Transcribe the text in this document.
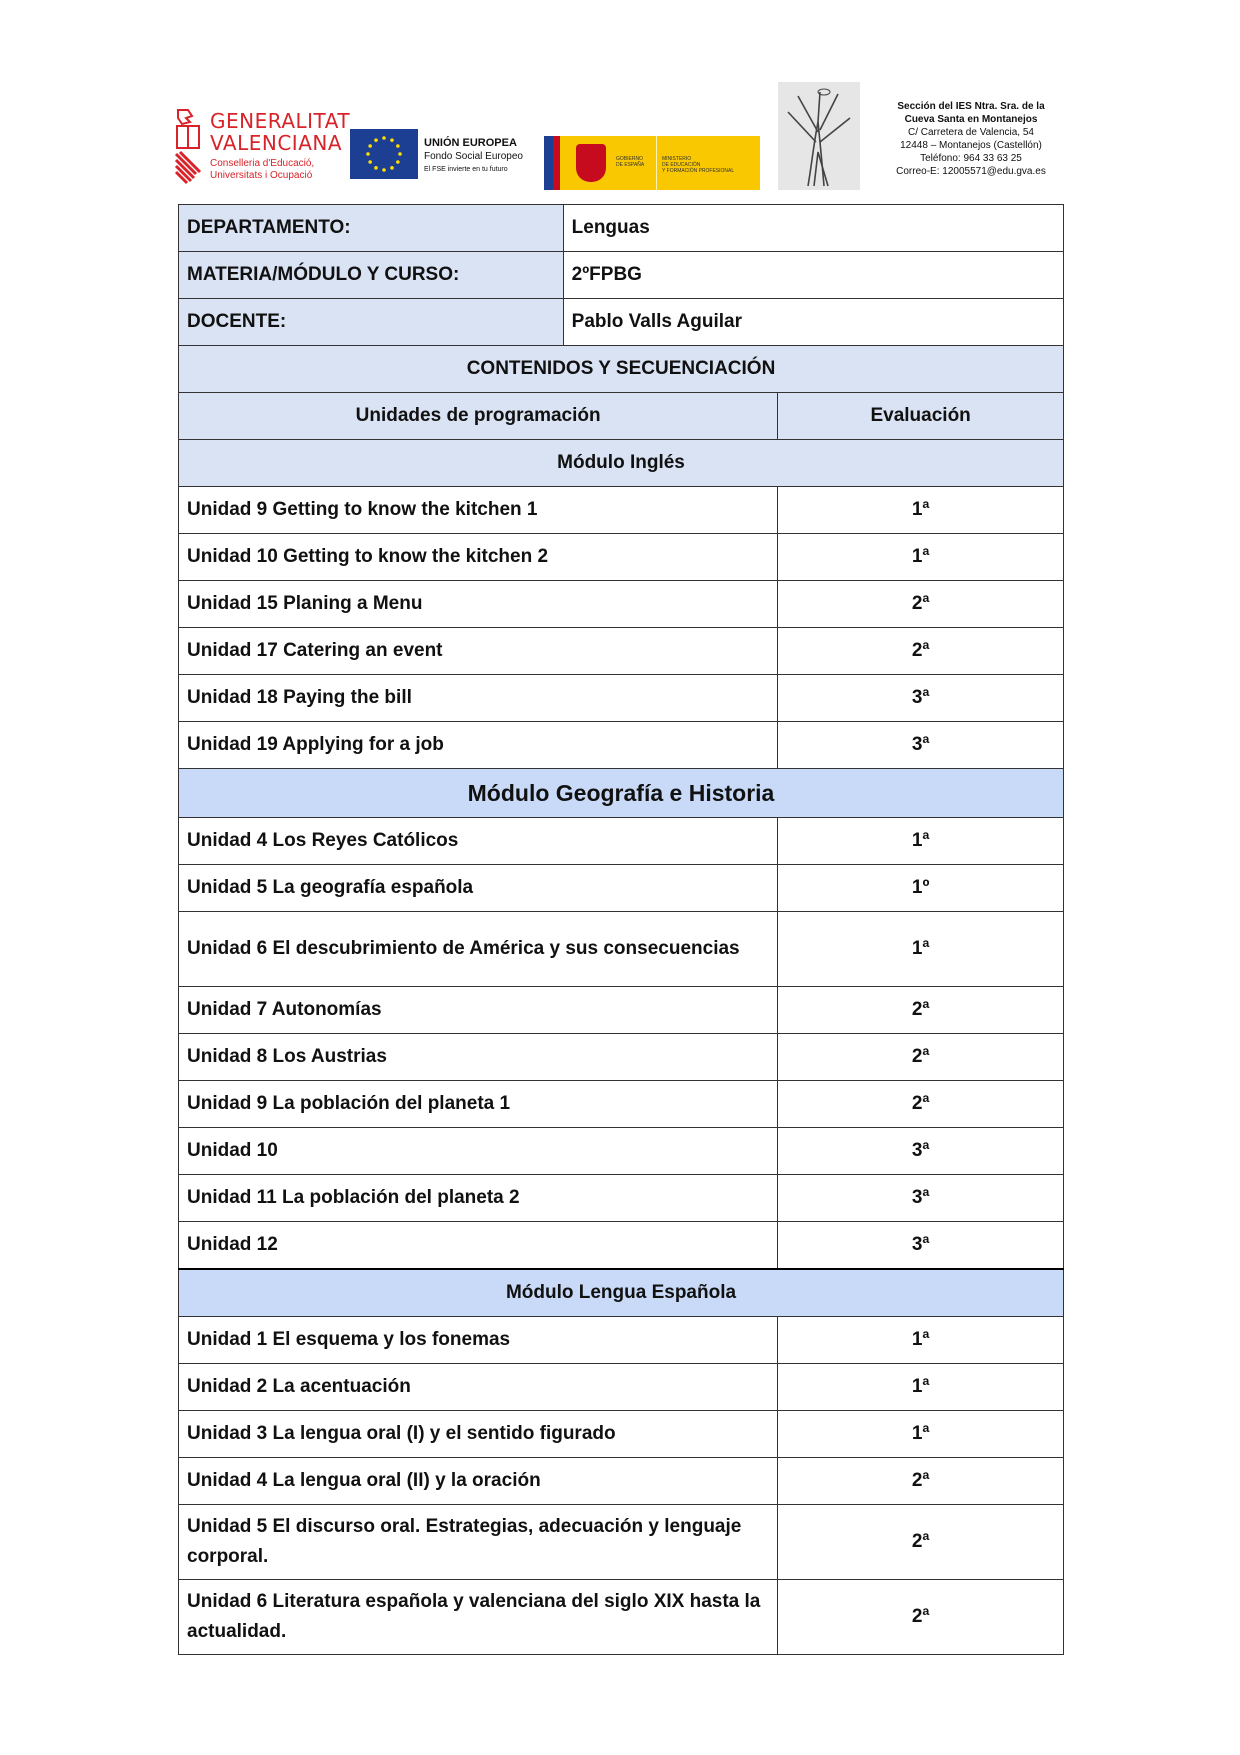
GENERALITAT
VALENCIANA
Conselleria d'Educació,
Universitats i Ocupació
UNIÓN EUROPEA
Fondo Social Europeo
El FSE invierte en tu futuro
GOBIERNO
DE ESPAÑA
MINISTERIO
DE EDUCACIÓN
Y FORMACIÓN PROFESIONAL
Sección del IES Ntra. Sra. de la
Cueva Santa en Montanejos
C/ Carretera de Valencia, 54
12448 – Montanejos (Castellón)
Teléfono: 964 33 63 25
Correo-E: 12005571@edu.gva.es
DEPARTAMENTO:	Lenguas	
MATERIA/MÓDULO Y CURSO:	2ºFPBG	
DOCENTE:	Pablo Valls Aguilar	
CONTENIDOS Y SECUENCIACIÓN		
Unidades de programación		Evaluación
Módulo Inglés		
Unidad 9 Getting to know the kitchen 1		1ª
Unidad 10 Getting to know the kitchen 2		1ª
Unidad 15 Planing a Menu		2ª
Unidad 17 Catering an event		2ª
Unidad 18 Paying the bill		3ª
Unidad 19 Applying for a job		3ª
Módulo Geografía e Historia		
Unidad 4 Los Reyes Católicos		1ª
Unidad 5 La geografía española		1º
Unidad 6 El descubrimiento de América y sus consecuencias		1ª
Unidad 7 Autonomías		2ª
Unidad 8 Los Austrias		2ª
Unidad 9 La población del planeta 1		2ª
Unidad 10		3ª
Unidad 11 La población del planeta 2		3ª
Unidad 12		3ª
Módulo Lengua Española		
Unidad 1 El esquema y los fonemas		1ª
Unidad 2 La acentuación		1ª
Unidad 3 La lengua oral (I) y el sentido figurado		1ª
Unidad 4 La lengua oral (II) y la oración		2ª
Unidad 5 El discurso oral. Estrategias, adecuación y lenguaje corporal.		2ª
Unidad 6 Literatura española y valenciana del siglo XIX hasta la actualidad.		2ª
